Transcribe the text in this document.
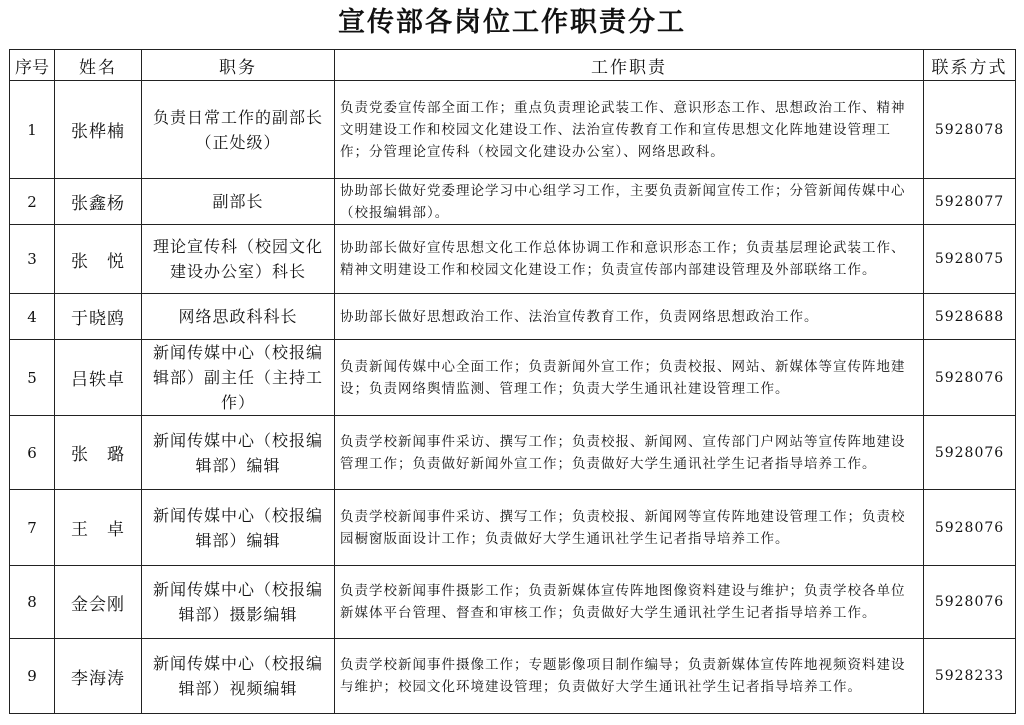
宣传部各岗位工作职责分工
序号	姓名	职务	工作职责	联系方式
1	张桦楠	负责日常工作的副部长（正处级）	负责党委宣传部全面工作；重点负责理论武装工作、意识形态工作、思想政治工作、精神文明建设工作和校园文化建设工作、法治宣传教育工作和宣传思想文化阵地建设管理工作；分管理论宣传科（校园文化建设办公室）、网络思政科。	5928078
2	张鑫杨	副部长	协助部长做好党委理论学习中心组学习工作，主要负责新闻宣传工作；分管新闻传媒中心（校报编辑部）。	5928077
3	张　悦	理论宣传科（校园文化建设办公室）科长	协助部长做好宣传思想文化工作总体协调工作和意识形态工作；负责基层理论武装工作、精神文明建设工作和校园文化建设工作；负责宣传部内部建设管理及外部联络工作。	5928075
4	于晓鸥	网络思政科科长	协助部长做好思想政治工作、法治宣传教育工作，负责网络思想政治工作。	5928688
5	吕轶卓	新闻传媒中心（校报编辑部）副主任（主持工作）	负责新闻传媒中心全面工作；负责新闻外宣工作；负责校报、网站、新媒体等宣传阵地建设；负责网络舆情监测、管理工作；负责大学生通讯社建设管理工作。	5928076
6	张　璐	新闻传媒中心（校报编辑部）编辑	负责学校新闻事件采访、撰写工作；负责校报、新闻网、宣传部门户网站等宣传阵地建设管理工作；负责做好新闻外宣工作；负责做好大学生通讯社学生记者指导培养工作。	5928076
7	王　卓	新闻传媒中心（校报编辑部）编辑	负责学校新闻事件采访、撰写工作；负责校报、新闻网等宣传阵地建设管理工作；负责校园橱窗版面设计工作；负责做好大学生通讯社学生记者指导培养工作。	5928076
8	金会刚	新闻传媒中心（校报编辑部）摄影编辑	负责学校新闻事件摄影工作；负责新媒体宣传阵地图像资料建设与维护；负责学校各单位新媒体平台管理、督查和审核工作；负责做好大学生通讯社学生记者指导培养工作。	5928076
9	李海涛	新闻传媒中心（校报编辑部）视频编辑	负责学校新闻事件摄像工作；专题影像项目制作编导；负责新媒体宣传阵地视频资料建设与维护；校园文化环境建设管理；负责做好大学生通讯社学生记者指导培养工作。	5928233
